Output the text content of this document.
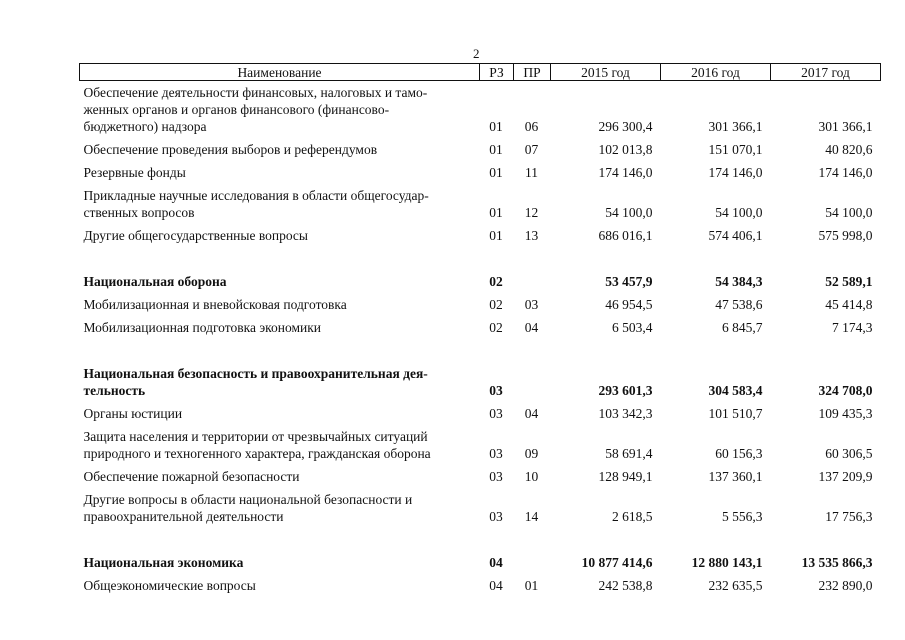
2
Наименование	РЗ	ПР	2015 год	2016 год	2017 год
Обеспечение деятельности финансовых, налоговых и тамо-
женных органов и органов финансового (финансово-
бюджетного) надзора	01	06	296 300,4	301 366,1	301 366,1
Обеспечение проведения выборов и референдумов	01	07	102 013,8	151 070,1	40 820,6
Резервные фонды	01	11	174 146,0	174 146,0	174 146,0
Прикладные научные исследования в области общегосудар-
ственных вопросов	01	12	54 100,0	54 100,0	54 100,0
Другие общегосударственные вопросы	01	13	686 016,1	574 406,1	575 998,0

Национальная оборона	02		53 457,9	54 384,3	52 589,1
Мобилизационная и вневойсковая подготовка	02	03	46 954,5	47 538,6	45 414,8
Мобилизационная подготовка экономики	02	04	6 503,4	6 845,7	7 174,3

Национальная безопасность и правоохранительная дея-
тельность	03		293 601,3	304 583,4	324 708,0
Органы юстиции	03	04	103 342,3	101 510,7	109 435,3
Защита населения и территории от чрезвычайных ситуаций
природного и техногенного характера, гражданская оборона	03	09	58 691,4	60 156,3	60 306,5
Обеспечение пожарной безопасности	03	10	128 949,1	137 360,1	137 209,9
Другие вопросы в области национальной безопасности и
правоохранительной деятельности	03	14	2 618,5	5 556,3	17 756,3

Национальная экономика	04		10 877 414,6	12 880 143,1	13 535 866,3
Общеэкономические вопросы	04	01	242 538,8	232 635,5	232 890,0
